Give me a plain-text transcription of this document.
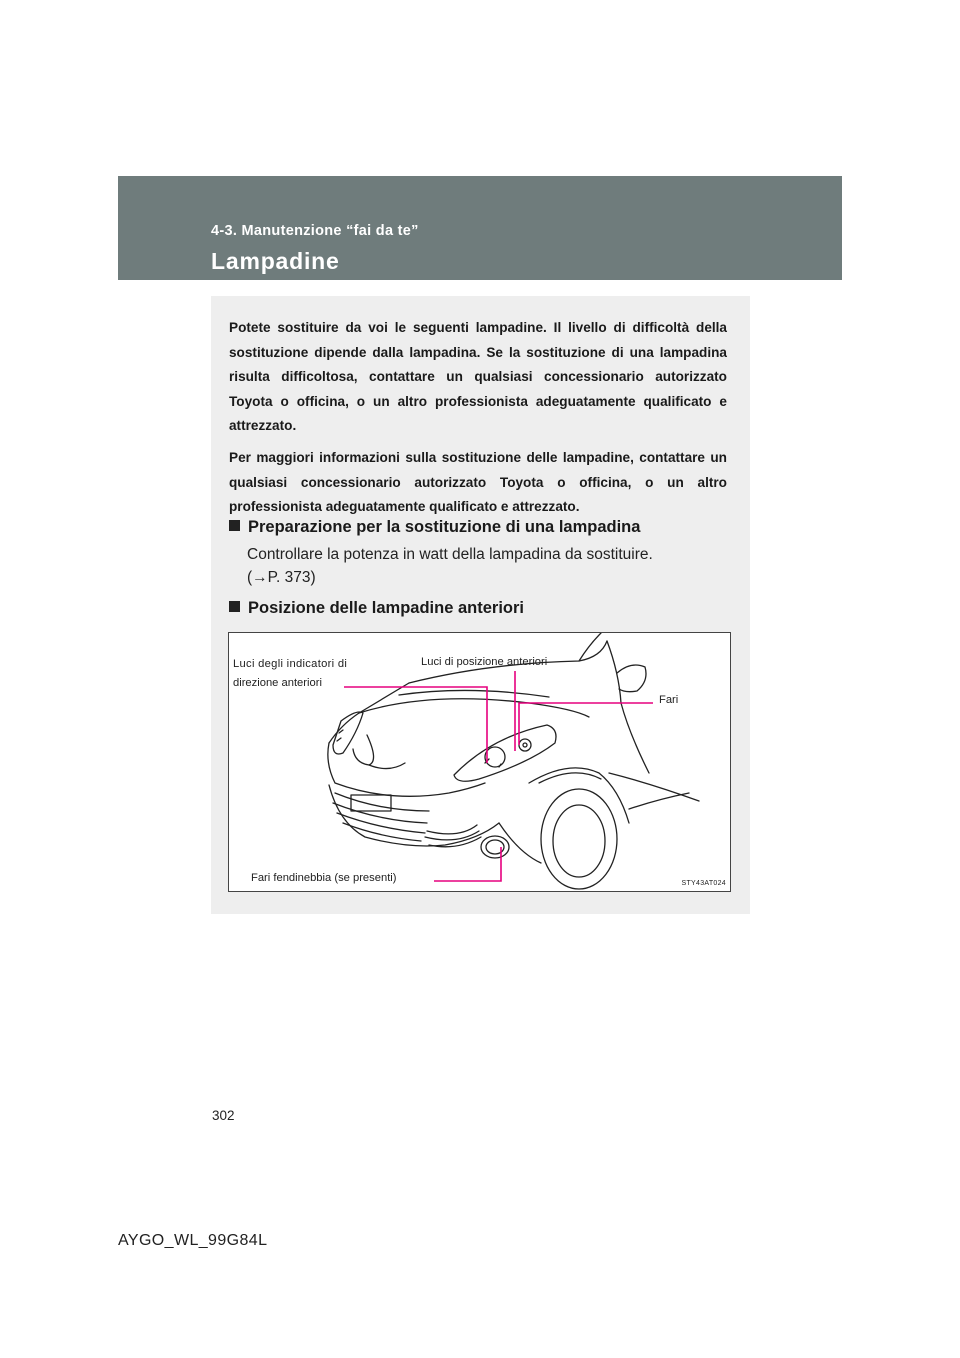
4-3. Manutenzione “fai da te”
Lampadine

Potete sostituire da voi le seguenti lampadine. Il livello di difficoltà della sostituzione dipende dalla lampadina. Se la sostituzione di una lampadina risulta difficoltosa, contattare un qualsiasi concessionario autorizzato Toyota o officina, o un altro professionista adeguatamente qualificato e attrezzato.

Per maggiori informazioni sulla sostituzione delle lampadine, contattare un qualsiasi concessionario autorizzato Toyota o officina, o un altro professionista adeguatamente qualificato e attrezzato.

Preparazione per la sostituzione di una lampadina
Controllare la potenza in watt della lampadina da sostituire.
(→P. 373)
Posizione delle lampadine anteriori
Luci degli indicatori di
direzione anteriori
Luci di posizione anteriori
Fari
Fari fendinebbia (se presenti)	STY43AT024
302
AYGO_WL_99G84L
